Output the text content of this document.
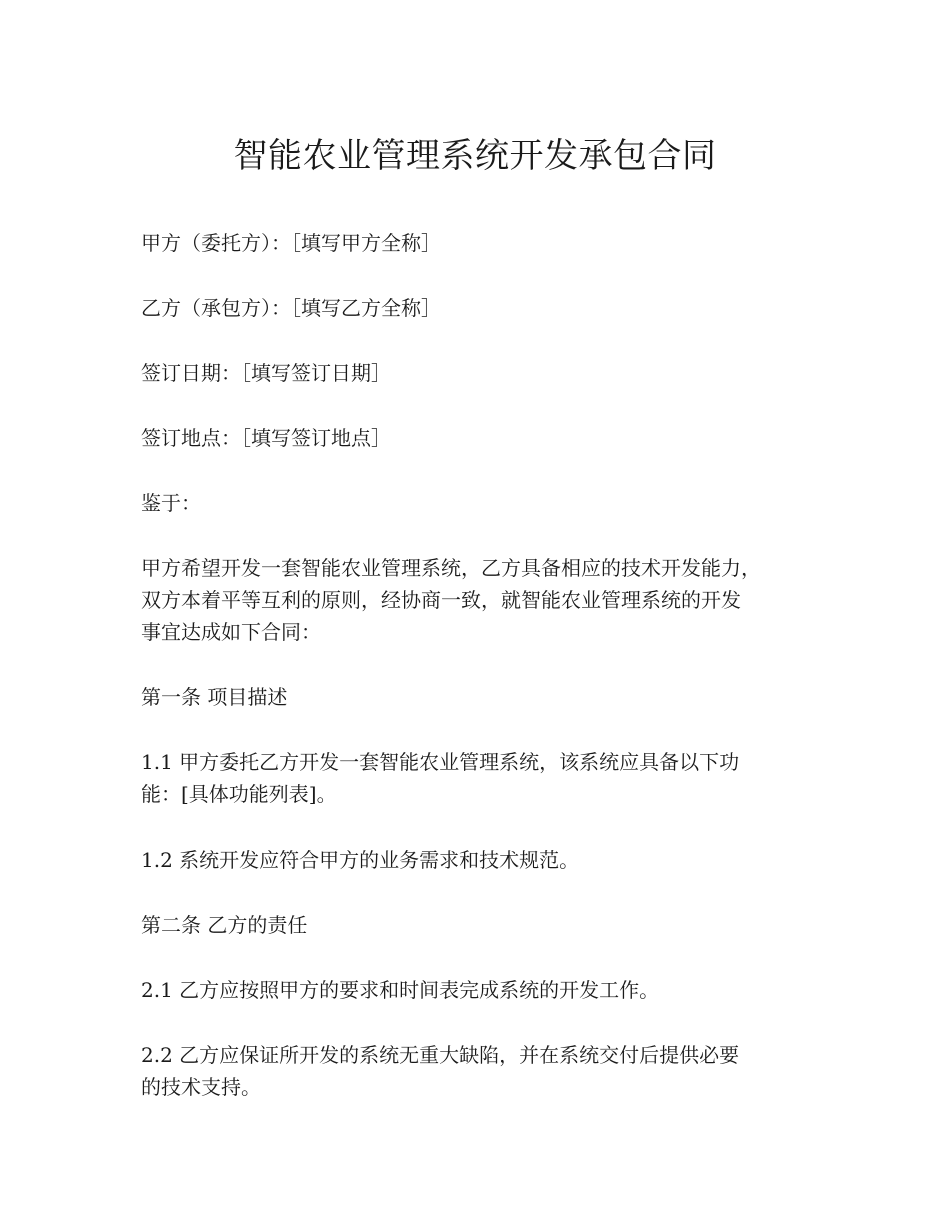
智能农业管理系统开发承包合同
甲方（委托方）：［填写甲方全称］
乙方（承包方）：［填写乙方全称］
签订日期：［填写签订日期］
签订地点：［填写签订地点］
鉴于：
甲方希望开发一套智能农业管理系统，乙方具备相应的技术开发能力，
双方本着平等互利的原则，经协商一致，就智能农业管理系统的开发
事宜达成如下合同：
第一条 项目描述
1.1 甲方委托乙方开发一套智能农业管理系统，该系统应具备以下功
能：[具体功能列表]。
1.2 系统开发应符合甲方的业务需求和技术规范。
第二条 乙方的责任
2.1 乙方应按照甲方的要求和时间表完成系统的开发工作。
2.2 乙方应保证所开发的系统无重大缺陷，并在系统交付后提供必要
的技术支持。
